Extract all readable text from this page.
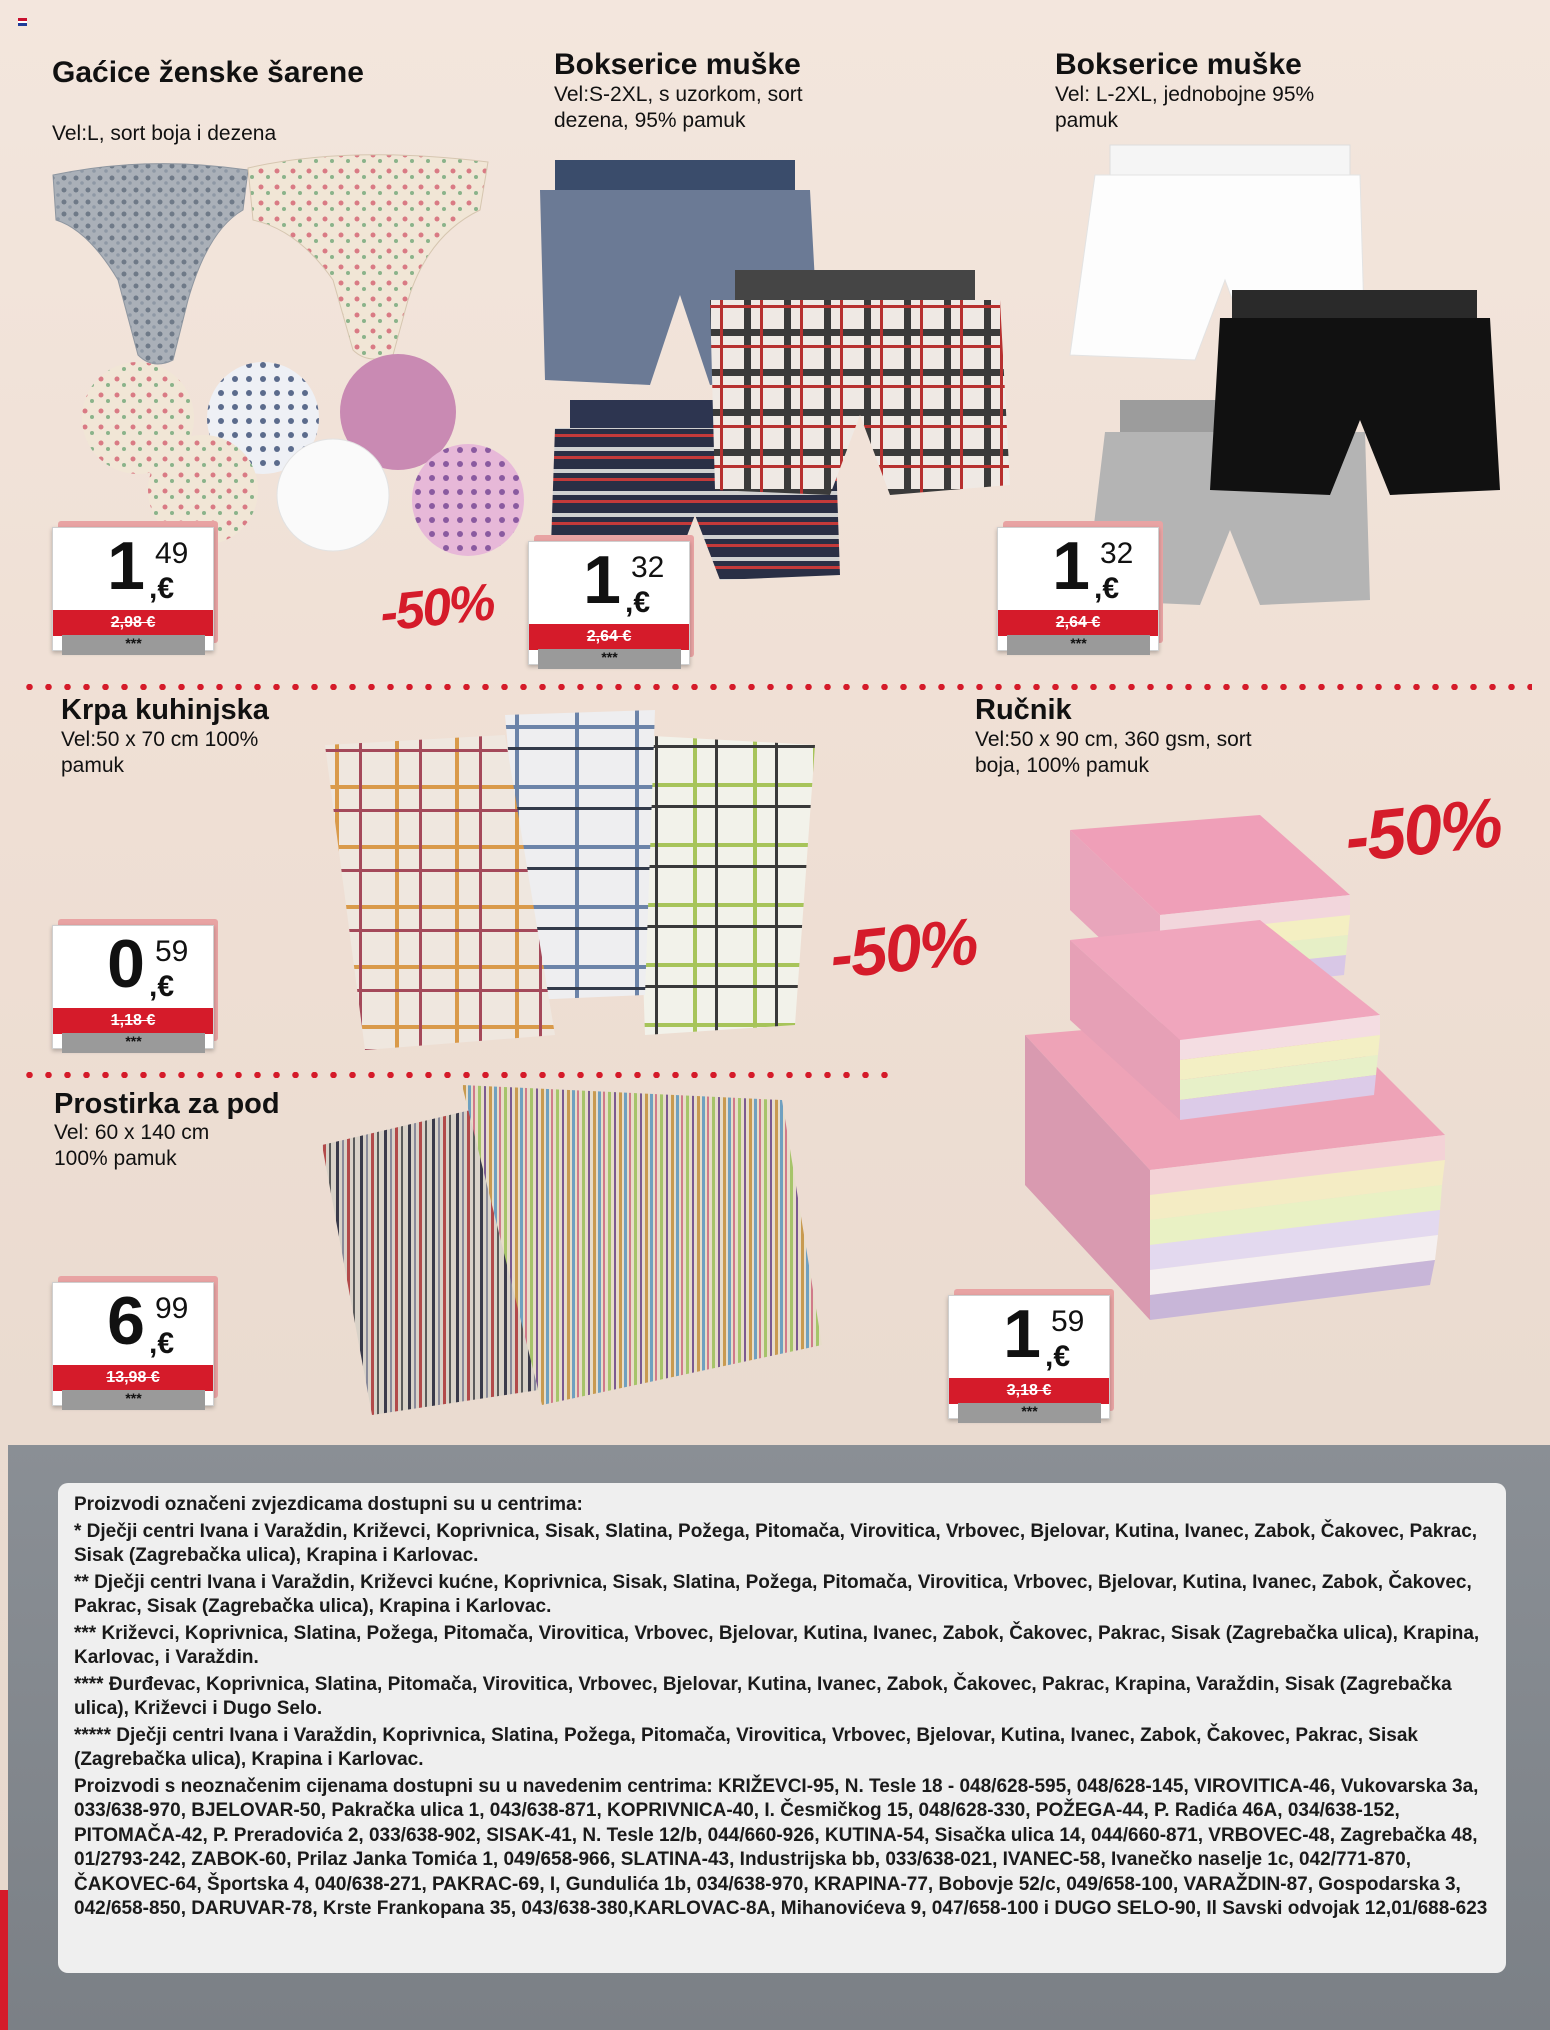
Gaćice ženske šarene
Vel:L, sort boja i dezena
1 49
,€
2,98 €
***
-50%
Bokserice muške
Vel:S-2XL, s uzorkom, sort dezena, 95% pamuk
1 32
,€
2,64 €
***
Bokserice muške
Vel: L-2XL, jednobojne 95% pamuk
1 32
,€
2,64 €
***
Krpa kuhinjska
Vel:50 x 70 cm 100% pamuk
0 59
,€
1,18 €
***
-50%
Ručnik
Vel:50 x 90 cm, 360 gsm, sort boja, 100% pamuk
-50%
1 59
,€
3,18 €
***
Prostirka za pod
Vel: 60 x 140 cm 100% pamuk
6 99
,€
13,98 €
***

Proizvodi označeni zvjezdicama dostupni su u centrima:

* Dječji centri Ivana i Varaždin, Križevci, Koprivnica, Sisak, Slatina, Požega, Pitomača, Virovitica, Vrbovec, Bjelovar, Kutina, Ivanec, Zabok, Čakovec, Pakrac, Sisak (Zagrebačka ulica), Krapina i Karlovac.

** Dječji centri Ivana i Varaždin, Križevci kućne, Koprivnica, Sisak, Slatina, Požega, Pitomača, Virovitica, Vrbovec, Bjelovar, Kutina, Ivanec, Zabok, Čakovec, Pakrac, Sisak (Zagrebačka ulica), Krapina i Karlovac.

*** Križevci, Koprivnica, Slatina, Požega, Pitomača, Virovitica, Vrbovec, Bjelovar, Kutina, Ivanec, Zabok, Čakovec, Pakrac, Sisak (Zagrebačka ulica), Krapina, Karlovac, i Varaždin.

**** Đurđevac, Koprivnica, Slatina, Pitomača, Virovitica, Vrbovec, Bjelovar, Kutina, Ivanec, Zabok, Čakovec, Pakrac, Krapina, Varaždin, Sisak (Zagrebačka ulica), Križevci i Dugo Selo.

***** Dječji centri Ivana i Varaždin, Koprivnica, Slatina, Požega, Pitomača, Virovitica, Vrbovec, Bjelovar, Kutina, Ivanec, Zabok, Čakovec, Pakrac, Sisak (Zagrebačka ulica), Krapina i Karlovac.

Proizvodi s neoznačenim cijenama dostupni su u navedenim centrima: KRIŽEVCI-95, N. Tesle 18 - 048/628-595, 048/628-145, VIROVITICA-46, Vukovarska 3a, 033/638-970, BJELOVAR-50, Pakračka ulica 1, 043/638-871, KOPRIVNICA-40, I. Česmičkog 15, 048/628-330, POŽEGA-44, P. Radića 46A, 034/638-152, PITOMAČA-42, P. Preradovića 2, 033/638-902, SISAK-41, N. Tesle 12/b, 044/660-926, KUTINA-54, Sisačka ulica 14, 044/660-871, VRBOVEC-48, Zagrebačka 48, 01/2793-242, ZABOK-60, Prilaz Janka Tomića 1, 049/658-966, SLATINA-43, Industrijska bb, 033/638-021, IVANEC-58, Ivanečko naselje 1c, 042/771-870, ČAKOVEC-64, Športska 4, 040/638-271, PAKRAC-69, I, Gundulića 1b, 034/638-970, KRAPINA-77, Bobovje 52/c, 049/658-100, VARAŽDIN-87, Gospodarska 3, 042/658-850, DARUVAR-78, Krste Frankopana 35, 043/638-380,KARLOVAC-8A, Mihanovićeva 9, 047/658-100 i DUGO SELO-90, Il Savski odvojak 12,01/688-623
